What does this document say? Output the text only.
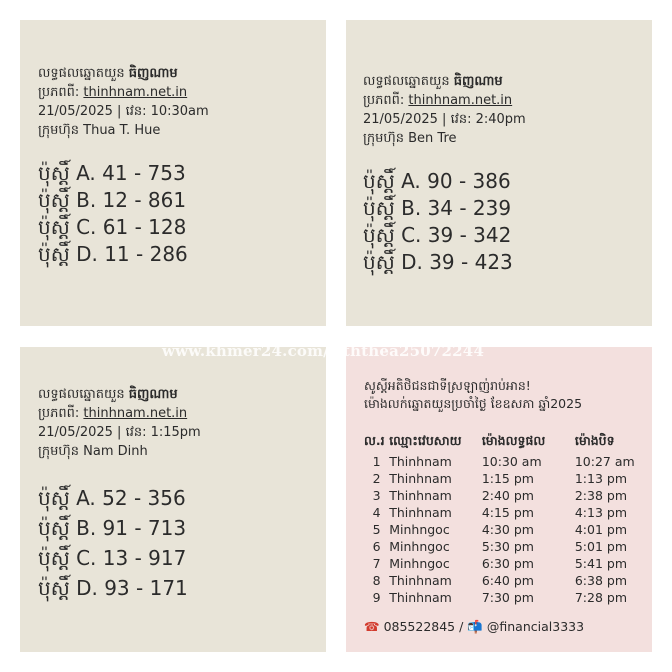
លទ្ធផលឆ្នោតយួន ធិញណាម
ប្រភពពី: thinhnam.net.in
21/05/2025 | វេន: 10:30am
ក្រុមហ៊ុន Thua T. Hue
ប៉ុស្តិ៍ A. 41 - 753
ប៉ុស្តិ៍ B. 12 - 861
ប៉ុស្តិ៍ C. 61 - 128
ប៉ុស្តិ៍ D. 11 - 286
លទ្ធផលឆ្នោតយួន ធិញណាម
ប្រភពពី: thinhnam.net.in
21/05/2025 | វេន: 2:40pm
ក្រុមហ៊ុន Ben Tre
ប៉ុស្តិ៍ A. 90 - 386
ប៉ុស្តិ៍ B. 34 - 239
ប៉ុស្តិ៍ C. 39 - 342
ប៉ុស្តិ៍ D. 39 - 423
លទ្ធផលឆ្នោតយួន ធិញណាម
ប្រភពពី: thinhnam.net.in
21/05/2025 | វេន: 1:15pm
ក្រុមហ៊ុន Nam Dinh
ប៉ុស្តិ៍ A. 52 - 356
ប៉ុស្តិ៍ B. 91 - 713
ប៉ុស្តិ៍ C. 13 - 917
ប៉ុស្តិ៍ D. 93 - 171
សូស្តីអតិថិជនជាទីស្រឡាញ់រាប់អាន!
ម៉ោងលក់ឆ្នោតយួនប្រចាំថ្ងៃ ខែឧសភា ឆ្នាំ2025
ល.រ	ឈ្មោះវេបសាយ	ម៉ោងលទ្ធផល	ម៉ោងបិទ
1	Thinhnam	10:30 am	10:27 am
2	Thinhnam	1:15 pm	1:13 pm
3	Thinhnam	2:40 pm	2:38 pm
4	Thinhnam	4:15 pm	4:13 pm
5	Minhngoc	4:30 pm	4:01 pm
6	Minhngoc	5:30 pm	5:01 pm
7	Minhngoc	6:30 pm	5:41 pm
8	Thinhnam	6:40 pm	6:38 pm
9	Thinhnam	7:30 pm	7:28 pm
☎ 085522845 / 📬 @financial3333
www.khmer24.com/riththea25072244
